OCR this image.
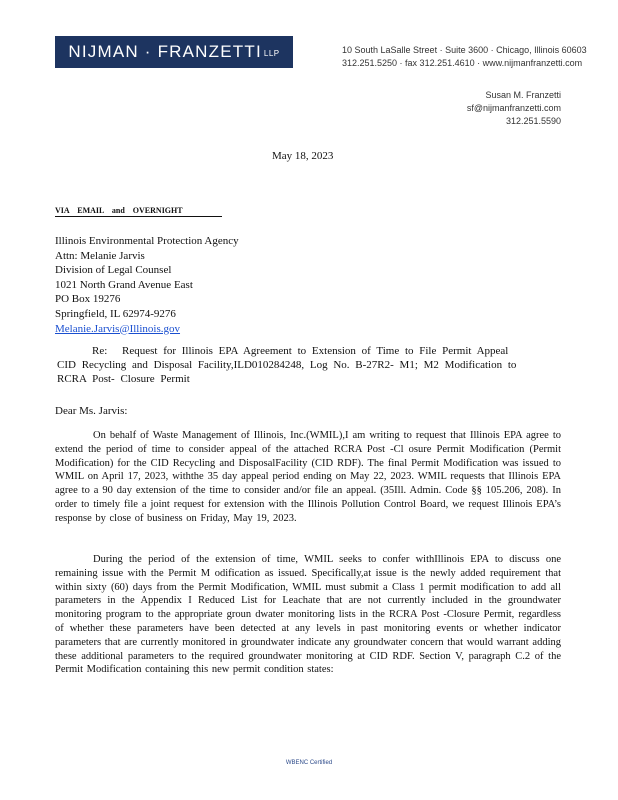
NIJMAN · FRANZETTI LLP	10 South LaSalle Street · Suite 3600 · Chicago, Illinois 60603
312.251.5250 · fax 312.251.4610 · www.nijmanfranzetti.com
Susan M. Franzetti
sf@nijmanfranzetti.com
312.251.5590
May 18, 2023
VIA EMAIL and OVERNIGHT
Illinois Environmental Protection Agency
Attn: Melanie Jarvis
Division of Legal Counsel
1021 North Grand Avenue East
PO Box 19276
Springfield, IL 62974-9276
Melanie.Jarvis@Illinois.gov
Re: Request for Illinois EPA Agreement to Extension of Time to File Permit Appeal CID Recycling and Disposal Facility,ILD010284248, Log No. B-27R2- M1; M2 Modification to RCRA Post- Closure Permit
Dear Ms. Jarvis:
On behalf of Waste Management of Illinois, Inc.(WMIL),I am writing to request that Illinois EPA agree to extend the period of time to consider appeal of the attached RCRA Post -Cl osure Permit Modification (Permit Modification) for the CID Recycling and DisposalFacility (CID RDF). The final Permit Modification was issued to WMIL on April 17, 2023, withthe 35 day appeal period ending on May 22, 2023. WMIL requests that Illinois EPA agree to a 90 day extension of the time to consider and/or file an appeal. (35Ill. Admin. Code §§ 105.206, 208). In order to timely file a joint request for extension with the Illinois Pollution Control Board, we request Illinois EPA’s response by close of business on Friday, May 19, 2023.
During the period of the extension of time, WMIL seeks to confer withIllinois EPA to discuss one remaining issue with the Permit M odification as issued. Specifically,at issue is the newly added requirement that within sixty (60) days from the Permit Modification, WMIL must submit a Class 1 permit modification to add all parameters in the Appendix I Reduced List for Leachate that are not currently included in the groundwater monitoring program to the appropriate groun dwater monitoring lists in the RCRA Post -Closure Permit, regardless of whether these parameters have been detected at any levels in past monitoring events or whether indicator parameters that are currently monitored in groundwater indicate any groundwater concern that would warrant adding these additional parameters to the required groundwater monitoring at CID RDF. Section V, paragraph C.2 of the Permit Modification containing this new permit condition states:
WBENC Certified
